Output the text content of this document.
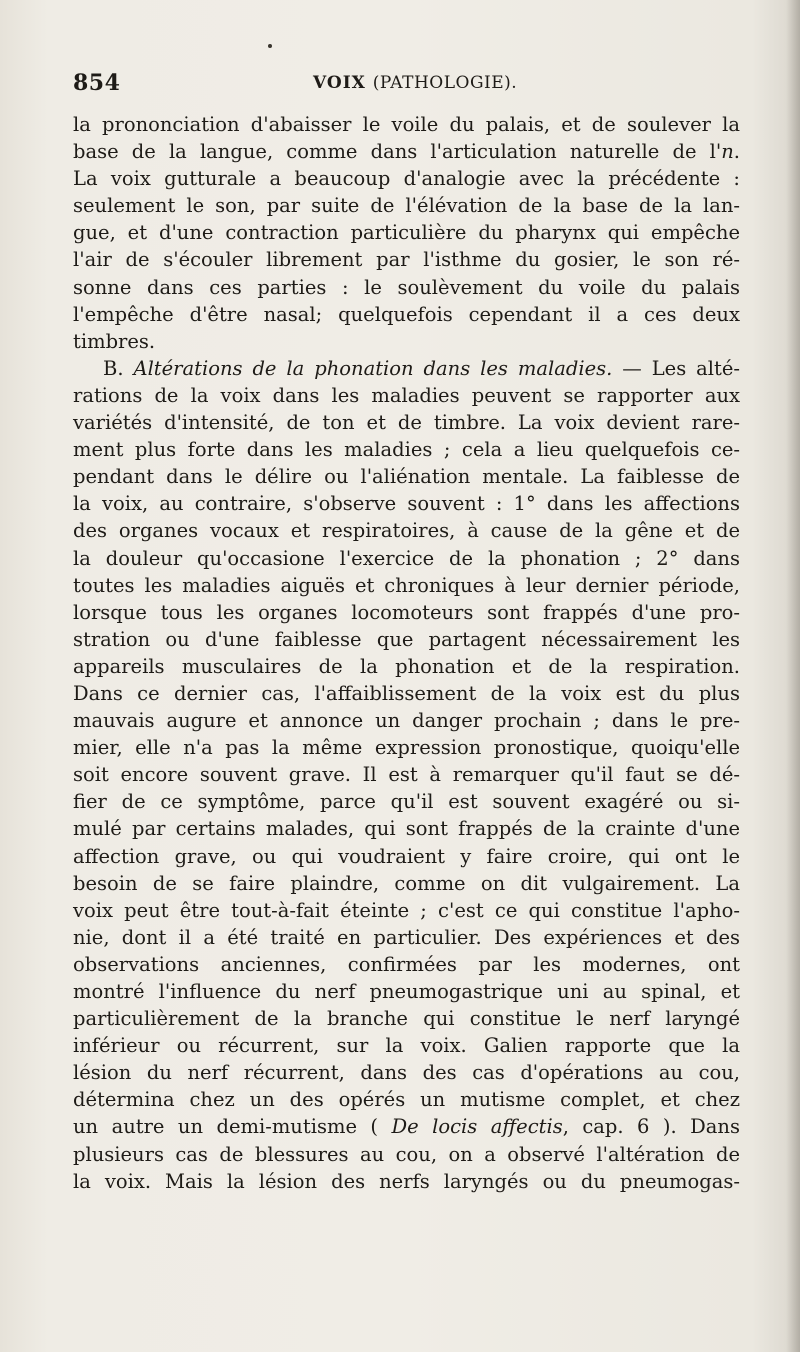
854	VOIX (PATHOLOGIE).
la prononciation d'abaisser le voile du palais, et de soulever la
base de la langue, comme dans l'articulation naturelle de l'n.
La voix gutturale a beaucoup d'analogie avec la précédente :
seulement le son, par suite de l'élévation de la base de la lan-
gue, et d'une contraction particulière du pharynx qui empêche
l'air de s'écouler librement par l'isthme du gosier, le son ré-
sonne dans ces parties : le soulèvement du voile du palais
l'empêche d'être nasal; quelquefois cependant il a ces deux
timbres.
B. Altérations de la phonation dans les maladies. — Les alté-
rations de la voix dans les maladies peuvent se rapporter aux
variétés d'intensité, de ton et de timbre. La voix devient rare-
ment plus forte dans les maladies ; cela a lieu quelquefois ce-
pendant dans le délire ou l'aliénation mentale. La faiblesse de
la voix, au contraire, s'observe souvent : 1° dans les affections
des organes vocaux et respiratoires, à cause de la gêne et de
la douleur qu'occasione l'exercice de la phonation ; 2° dans
toutes les maladies aiguës et chroniques à leur dernier période,
lorsque tous les organes locomoteurs sont frappés d'une pro-
stration ou d'une faiblesse que partagent nécessairement les
appareils musculaires de la phonation et de la respiration.
Dans ce dernier cas, l'affaiblissement de la voix est du plus
mauvais augure et annonce un danger prochain ; dans le pre-
mier, elle n'a pas la même expression pronostique, quoiqu'elle
soit encore souvent grave. Il est à remarquer qu'il faut se dé-
fier de ce symptôme, parce qu'il est souvent exagéré ou si-
mulé par certains malades, qui sont frappés de la crainte d'une
affection grave, ou qui voudraient y faire croire, qui ont le
besoin de se faire plaindre, comme on dit vulgairement. La
voix peut être tout-à-fait éteinte ; c'est ce qui constitue l'apho-
nie, dont il a été traité en particulier. Des expériences et des
observations anciennes, confirmées par les modernes, ont
montré l'influence du nerf pneumogastrique uni au spinal, et
particulièrement de la branche qui constitue le nerf laryngé
inférieur ou récurrent, sur la voix. Galien rapporte que la
lésion du nerf récurrent, dans des cas d'opérations au cou,
détermina chez un des opérés un mutisme complet, et chez
un autre un demi-mutisme ( De locis affectis, cap. 6 ). Dans
plusieurs cas de blessures au cou, on a observé l'altération de
la voix. Mais la lésion des nerfs laryngés ou du pneumogas-
